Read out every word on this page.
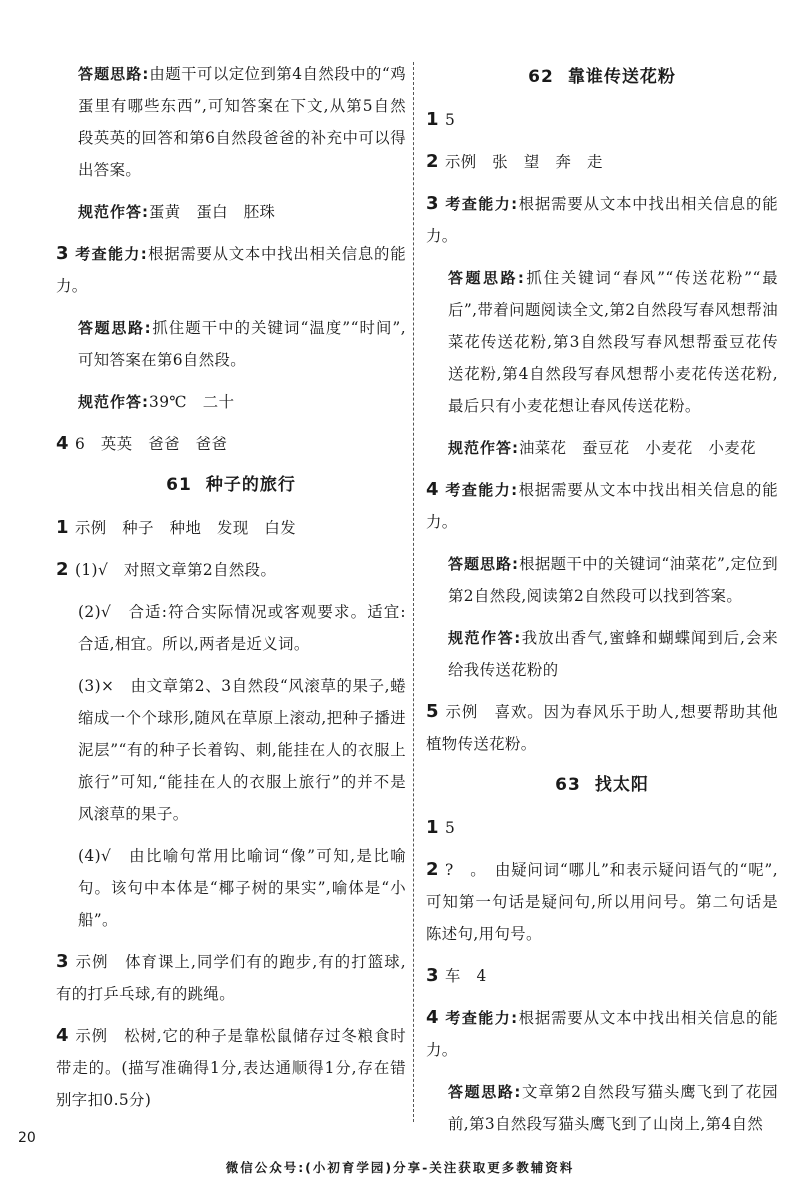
答题思路:由题干可以定位到第4自然段中的“鸡蛋里有哪些东西”,可知答案在下文,从第5自然段英英的回答和第6自然段爸爸的补充中可以得出答案。

规范作答:蛋黄　蛋白　胚珠

3 考查能力:根据需要从文本中找出相关信息的能力。

答题思路:抓住题干中的关键词“温度”“时间”,可知答案在第6自然段。

规范作答:39℃　二十

4 6　英英　爸爸　爸爸

61 种子的旅行

1 示例　种子　种地　发现　白发

2 (1)√　对照文章第2自然段。

(2)√　合适:符合实际情况或客观要求。适宜:合适,相宜。所以,两者是近义词。

(3)×　由文章第2、3自然段“风滚草的果子,蜷缩成一个个球形,随风在草原上滚动,把种子播进泥层”“有的种子长着钩、刺,能挂在人的衣服上旅行”可知,“能挂在人的衣服上旅行”的并不是风滚草的果子。

(4)√　由比喻句常用比喻词“像”可知,是比喻句。该句中本体是“椰子树的果实”,喻体是“小船”。

3 示例　体育课上,同学们有的跑步,有的打篮球,有的打乒乓球,有的跳绳。

4 示例　松树,它的种子是靠松鼠储存过冬粮食时带走的。(描写准确得1分,表达通顺得1分,存在错别字扣0.5分)

62 靠谁传送花粉

1 5

2 示例　张　望　奔　走

3 考查能力:根据需要从文本中找出相关信息的能力。

答题思路:抓住关键词“春风”“传送花粉”“最后”,带着问题阅读全文,第2自然段写春风想帮油菜花传送花粉,第3自然段写春风想帮蚕豆花传送花粉,第4自然段写春风想帮小麦花传送花粉,最后只有小麦花想让春风传送花粉。

规范作答:油菜花　蚕豆花　小麦花　小麦花

4 考查能力:根据需要从文本中找出相关信息的能力。

答题思路:根据题干中的关键词“油菜花”,定位到第2自然段,阅读第2自然段可以找到答案。

规范作答:我放出香气,蜜蜂和蝴蝶闻到后,会来给我传送花粉的

5 示例　喜欢。因为春风乐于助人,想要帮助其他植物传送花粉。

63 找太阳

1 5

2 ?　。　由疑问词“哪儿”和表示疑问语气的“呢”,可知第一句话是疑问句,所以用问号。第二句话是陈述句,用句号。

3 车　4

4 考查能力:根据需要从文本中找出相关信息的能力。

答题思路:文章第2自然段写猫头鹰飞到了花园前,第3自然段写猫头鹰飞到了山岗上,第4自然

20
微信公众号:(小初育学园)分享-关注获取更多教辅资料
